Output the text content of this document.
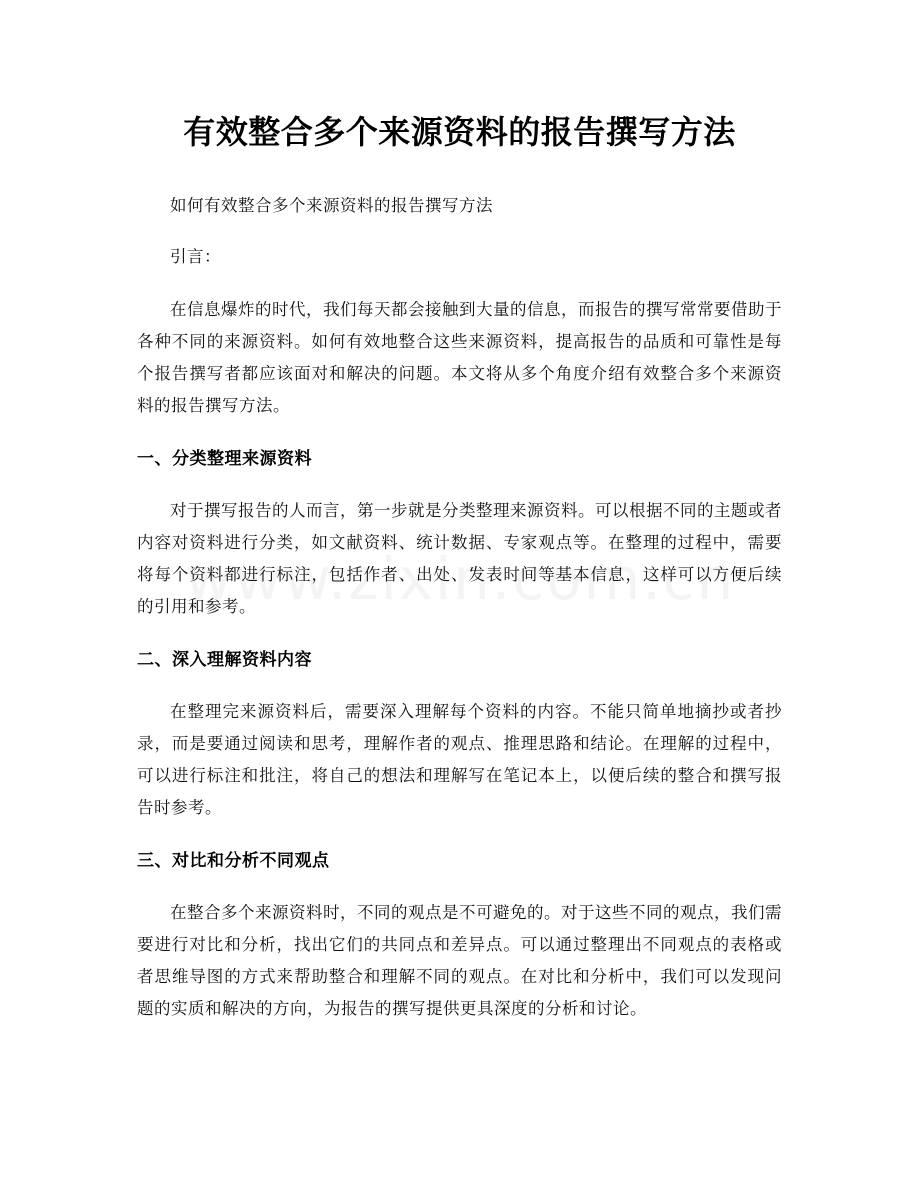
有效整合多个来源资料的报告撰写方法

如何有效整合多个来源资料的报告撰写方法

引言：

在信息爆炸的时代，我们每天都会接触到大量的信息，而报告的撰写常常要借助于各种不同的来源资料。如何有效地整合这些来源资料，提高报告的品质和可靠性是每个报告撰写者都应该面对和解决的问题。本文将从多个角度介绍有效整合多个来源资料的报告撰写方法。

一、分类整理来源资料

对于撰写报告的人而言，第一步就是分类整理来源资料。可以根据不同的主题或者内容对资料进行分类，如文献资料、统计数据、专家观点等。在整理的过程中，需要将每个资料都进行标注，包括作者、出处、发表时间等基本信息，这样可以方便后续的引用和参考。

二、深入理解资料内容

在整理完来源资料后，需要深入理解每个资料的内容。不能只简单地摘抄或者抄录，而是要通过阅读和思考，理解作者的观点、推理思路和结论。在理解的过程中，可以进行标注和批注，将自己的想法和理解写在笔记本上，以便后续的整合和撰写报告时参考。

三、对比和分析不同观点

在整合多个来源资料时，不同的观点是不可避免的。对于这些不同的观点，我们需要进行对比和分析，找出它们的共同点和差异点。可以通过整理出不同观点的表格或者思维导图的方式来帮助整合和理解不同的观点。在对比和分析中，我们可以发现问题的实质和解决的方向，为报告的撰写提供更具深度的分析和讨论。
